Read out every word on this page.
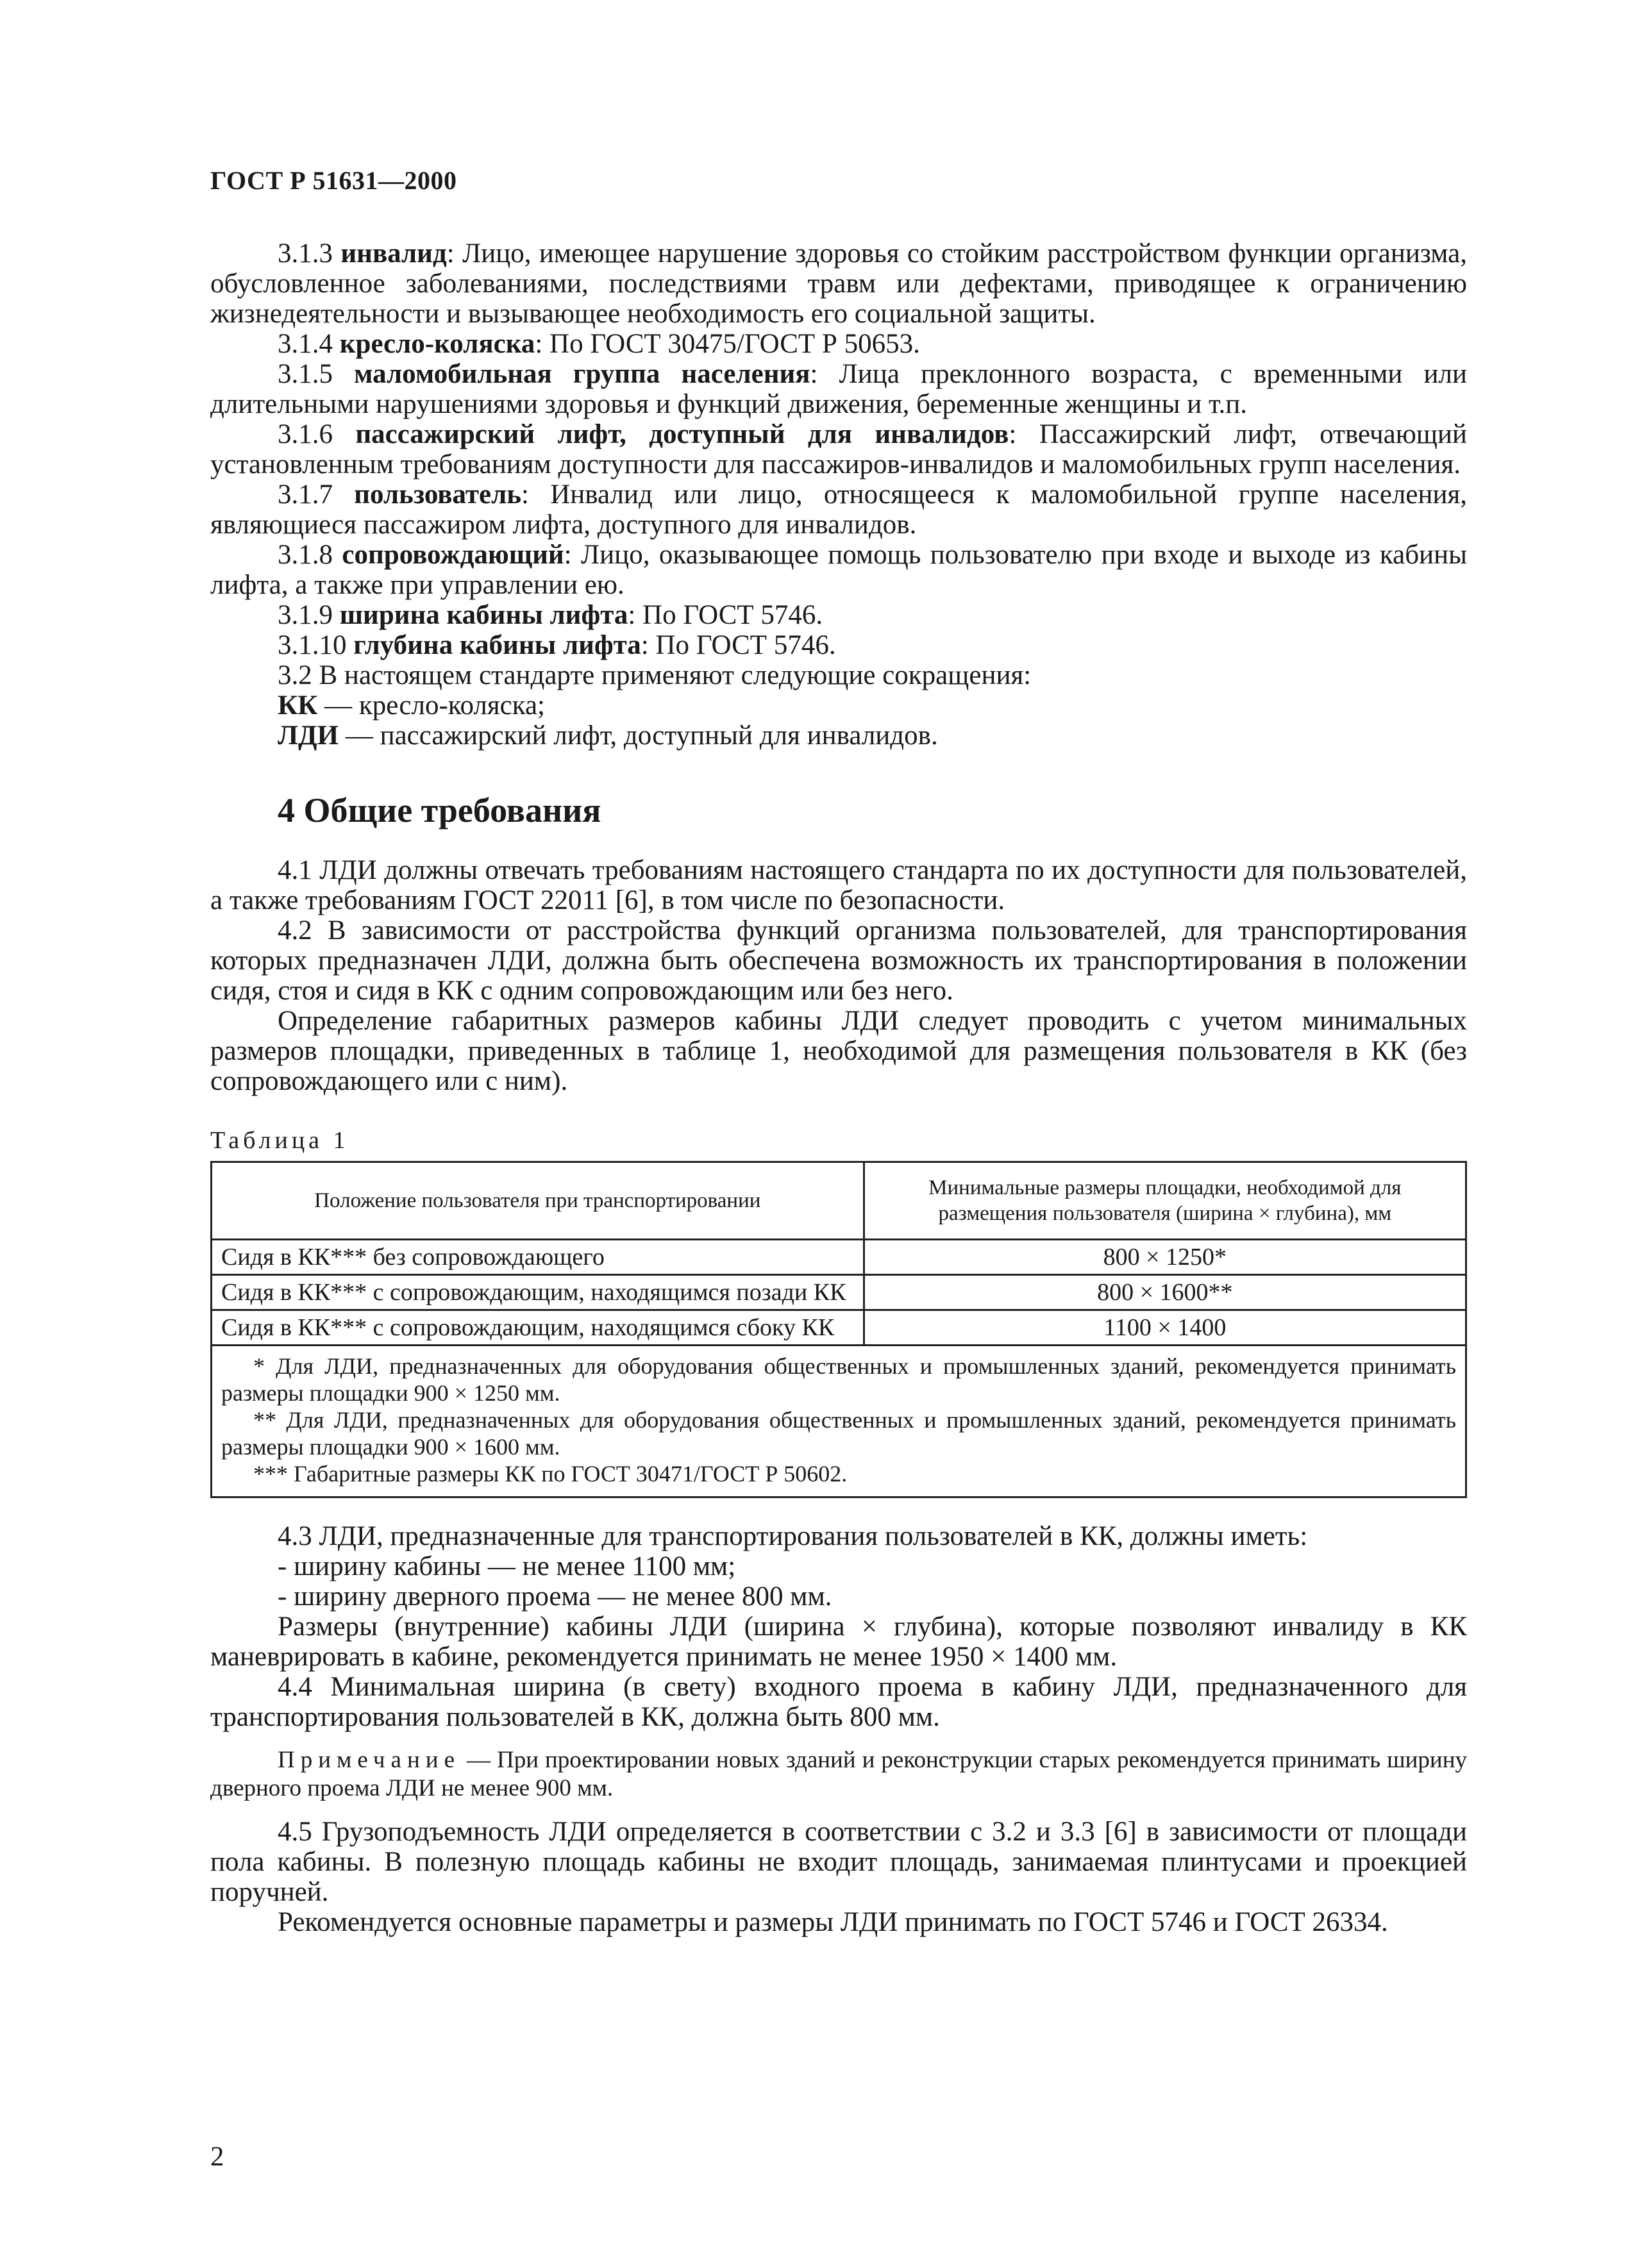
ГОСТ Р 51631—2000

3.1.3 инвалид: Лицо, имеющее нарушение здоровья со стойким расстройством функции организма, обусловленное заболеваниями, последствиями травм или дефектами, приводящее к ограничению жизнедеятельности и вызывающее необходимость его социальной защиты.

3.1.4 кресло-коляска: По ГОСТ 30475/ГОСТ Р 50653.

3.1.5 маломобильная группа населения: Лица преклонного возраста, с временными или длительными нарушениями здоровья и функций движения, беременные женщины и т.п.

3.1.6 пассажирский лифт, доступный для инвалидов: Пассажирский лифт, отвечающий установленным требованиям доступности для пассажиров-инвалидов и маломобильных групп населения.

3.1.7 пользователь: Инвалид или лицо, относящееся к маломобильной группе населения, являющиеся пассажиром лифта, доступного для инвалидов.

3.1.8 сопровождающий: Лицо, оказывающее помощь пользователю при входе и выходе из кабины лифта, а также при управлении ею.

3.1.9 ширина кабины лифта: По ГОСТ 5746.

3.1.10 глубина кабины лифта: По ГОСТ 5746.

3.2 В настоящем стандарте применяют следующие сокращения:

КК — кресло-коляска;

ЛДИ — пассажирский лифт, доступный для инвалидов.

4 Общие требования

4.1 ЛДИ должны отвечать требованиям настоящего стандарта по их доступности для пользователей, а также требованиям ГОСТ 22011 [6], в том числе по безопасности.

4.2 В зависимости от расстройства функций организма пользователей, для транспортирования которых предназначен ЛДИ, должна быть обеспечена возможность их транспортирования в положении сидя, стоя и сидя в КК с одним сопровождающим или без него.

Определение габаритных размеров кабины ЛДИ следует проводить с учетом минимальных размеров площадки, приведенных в таблице 1, необходимой для размещения пользователя в КК (без сопровождающего или с ним).

Таблица 1
Положение пользователя при транспортировании	Минимальные размеры площадки, необходимой для размещения пользователя (ширина × глубина), мм
Сидя в КК*** без сопровождающего	800 × 1250*
Сидя в КК*** с сопровождающим, находящимся позади КК	800 × 1600**
Сидя в КК*** с сопровождающим, находящимся сбоку КК	1100 × 1400

* Для ЛДИ, предназначенных для оборудования общественных и промышленных зданий, рекомендуется принимать размеры площадки 900 × 1250 мм.

** Для ЛДИ, предназначенных для оборудования общественных и промышленных зданий, рекомендуется принимать размеры площадки 900 × 1600 мм.

*** Габаритные размеры КК по ГОСТ 30471/ГОСТ Р 50602.	

4.3 ЛДИ, предназначенные для транспортирования пользователей в КК, должны иметь:

- ширину кабины — не менее 1100 мм;

- ширину дверного проема — не менее 800 мм.

Размеры (внутренние) кабины ЛДИ (ширина × глубина), которые позволяют инвалиду в КК маневрировать в кабине, рекомендуется принимать не менее 1950 × 1400 мм.

4.4 Минимальная ширина (в свету) входного проема в кабину ЛДИ, предназначенного для транспортирования пользователей в КК, должна быть 800 мм.

Примечание — При проектировании новых зданий и реконструкции старых рекомендуется принимать ширину дверного проема ЛДИ не менее 900 мм.

4.5 Грузоподъемность ЛДИ определяется в соответствии с 3.2 и 3.3 [6] в зависимости от площади пола кабины. В полезную площадь кабины не входит площадь, занимаемая плинтусами и проекцией поручней.

Рекомендуется основные параметры и размеры ЛДИ принимать по ГОСТ 5746 и ГОСТ 26334.

2
